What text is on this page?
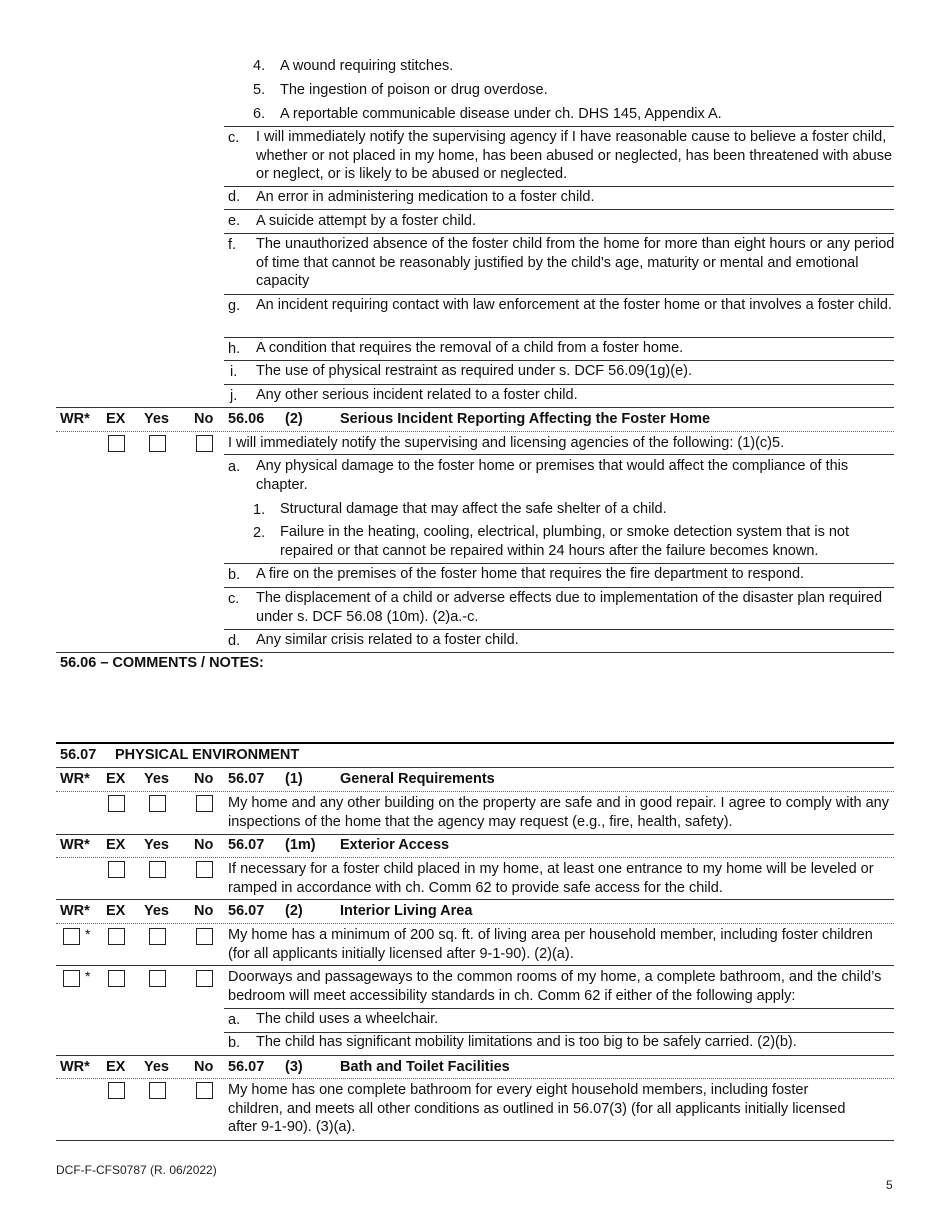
4. A wound requiring stitches.
5. The ingestion of poison or drug overdose.
6. A reportable communicable disease under ch. DHS 145, Appendix A.
c. I will immediately notify the supervising agency if I have reasonable cause to believe a foster child, whether or not placed in my home, has been abused or neglected, has been threatened with abuse or neglect, or is likely to be abused or neglected.
d. An error in administering medication to a foster child.
e. A suicide attempt by a foster child.
f. The unauthorized absence of the foster child from the home for more than eight hours or any period of time that cannot be reasonably justified by the child's age, maturity or mental and emotional capacity
g. An incident requiring contact with law enforcement at the foster home or that involves a foster child.
h. A condition that requires the removal of a child from a foster home.
i. The use of physical restraint as required under s. DCF 56.09(1g)(e).
j. Any other serious incident related to a foster child.
WR* EX Yes No 56.06 (2)	Serious Incident Reporting Affecting the Foster Home
I will immediately notify the supervising and licensing agencies of the following: (1)(c)5.
a. Any physical damage to the foster home or premises that would affect the compliance of this chapter.
1. Structural damage that may affect the safe shelter of a child.
2. Failure in the heating, cooling, electrical, plumbing, or smoke detection system that is not repaired or that cannot be repaired within 24 hours after the failure becomes known.
b. A fire on the premises of the foster home that requires the fire department to respond.
c. The displacement of a child or adverse effects due to implementation of the disaster plan required under s. DCF 56.08 (10m). (2)a.-c.
d. Any similar crisis related to a foster child.
56.06 – COMMENTS / NOTES:
56.07 PHYSICAL ENVIRONMENT
WR* EX Yes No 56.07 (1)	General Requirements
My home and any other building on the property are safe and in good repair. I agree to comply with any inspections of the home that the agency may request (e.g., fire, health, safety).
WR* EX Yes No 56.07 (1m) Exterior Access
If necessary for a foster child placed in my home, at least one entrance to my home will be leveled or ramped in accordance with ch. Comm 62 to provide safe access for the child.
WR* EX Yes No 56.07 (2)	Interior Living Area
*	My home has a minimum of 200 sq. ft. of living area per household member, including foster children (for all applicants initially licensed after 9-1-90). (2)(a).
*	Doorways and passageways to the common rooms of my home, a complete bathroom, and the child’s bedroom will meet accessibility standards in ch. Comm 62 if either of the following apply:
a. The child uses a wheelchair.
b. The child has significant mobility limitations and is too big to be safely carried. (2)(b).
WR* EX Yes No 56.07 (3)	Bath and Toilet Facilities
My home has one complete bathroom for every eight household members, including foster children, and meets all other conditions as outlined in 56.07(3) (for all applicants initially licensed after 9-1-90). (3)(a).
DCF-F-CFS0787 (R. 06/2022)
5
